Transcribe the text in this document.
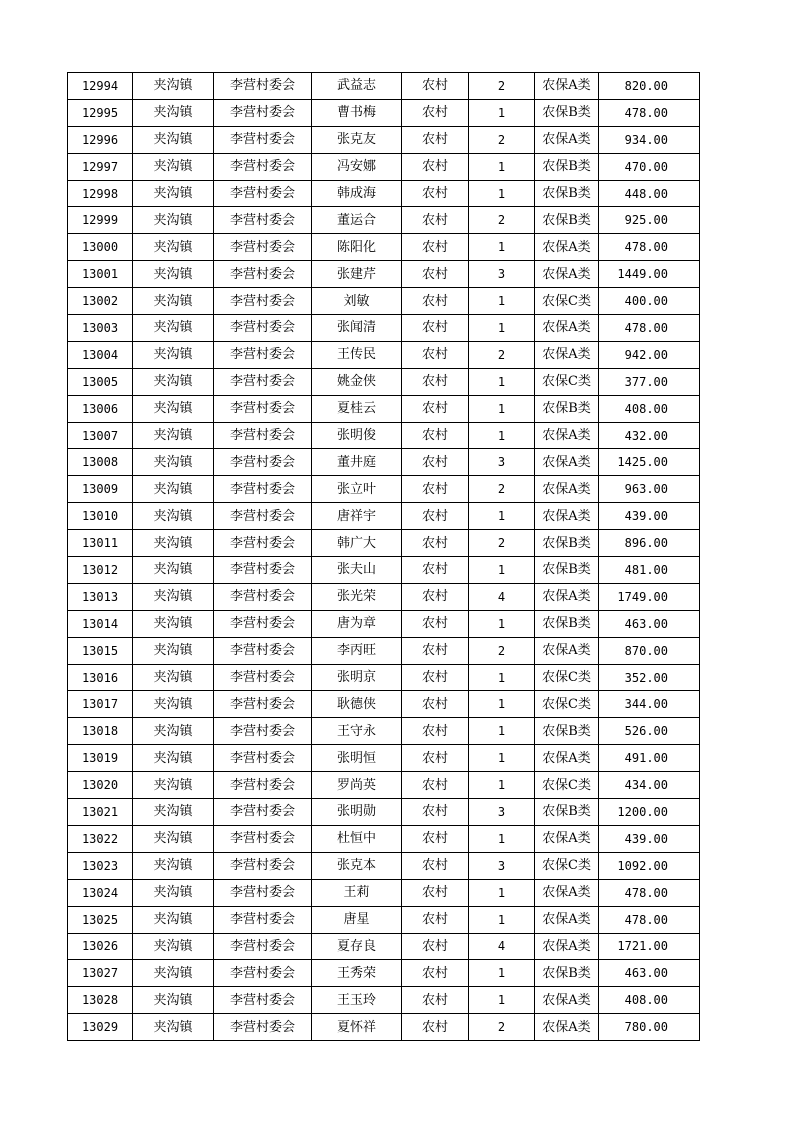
12994	夹沟镇	李营村委会	武益志	农村	2	农保A类	820.00
12995	夹沟镇	李营村委会	曹书梅	农村	1	农保B类	478.00
12996	夹沟镇	李营村委会	张克友	农村	2	农保A类	934.00
12997	夹沟镇	李营村委会	冯安娜	农村	1	农保B类	470.00
12998	夹沟镇	李营村委会	韩成海	农村	1	农保B类	448.00
12999	夹沟镇	李营村委会	董运合	农村	2	农保B类	925.00
13000	夹沟镇	李营村委会	陈阳化	农村	1	农保A类	478.00
13001	夹沟镇	李营村委会	张建芹	农村	3	农保A类	1449.00
13002	夹沟镇	李营村委会	刘敏	农村	1	农保C类	400.00
13003	夹沟镇	李营村委会	张闻清	农村	1	农保A类	478.00
13004	夹沟镇	李营村委会	王传民	农村	2	农保A类	942.00
13005	夹沟镇	李营村委会	姚金侠	农村	1	农保C类	377.00
13006	夹沟镇	李营村委会	夏桂云	农村	1	农保B类	408.00
13007	夹沟镇	李营村委会	张明俊	农村	1	农保A类	432.00
13008	夹沟镇	李营村委会	董井庭	农村	3	农保A类	1425.00
13009	夹沟镇	李营村委会	张立叶	农村	2	农保A类	963.00
13010	夹沟镇	李营村委会	唐祥宇	农村	1	农保A类	439.00
13011	夹沟镇	李营村委会	韩广大	农村	2	农保B类	896.00
13012	夹沟镇	李营村委会	张夫山	农村	1	农保B类	481.00
13013	夹沟镇	李营村委会	张光荣	农村	4	农保A类	1749.00
13014	夹沟镇	李营村委会	唐为章	农村	1	农保B类	463.00
13015	夹沟镇	李营村委会	李丙旺	农村	2	农保A类	870.00
13016	夹沟镇	李营村委会	张明京	农村	1	农保C类	352.00
13017	夹沟镇	李营村委会	耿德侠	农村	1	农保C类	344.00
13018	夹沟镇	李营村委会	王守永	农村	1	农保B类	526.00
13019	夹沟镇	李营村委会	张明恒	农村	1	农保A类	491.00
13020	夹沟镇	李营村委会	罗尚英	农村	1	农保C类	434.00
13021	夹沟镇	李营村委会	张明勋	农村	3	农保B类	1200.00
13022	夹沟镇	李营村委会	杜恒中	农村	1	农保A类	439.00
13023	夹沟镇	李营村委会	张克本	农村	3	农保C类	1092.00
13024	夹沟镇	李营村委会	王莉	农村	1	农保A类	478.00
13025	夹沟镇	李营村委会	唐星	农村	1	农保A类	478.00
13026	夹沟镇	李营村委会	夏存良	农村	4	农保A类	1721.00
13027	夹沟镇	李营村委会	王秀荣	农村	1	农保B类	463.00
13028	夹沟镇	李营村委会	王玉玲	农村	1	农保A类	408.00
13029	夹沟镇	李营村委会	夏怀祥	农村	2	农保A类	780.00
